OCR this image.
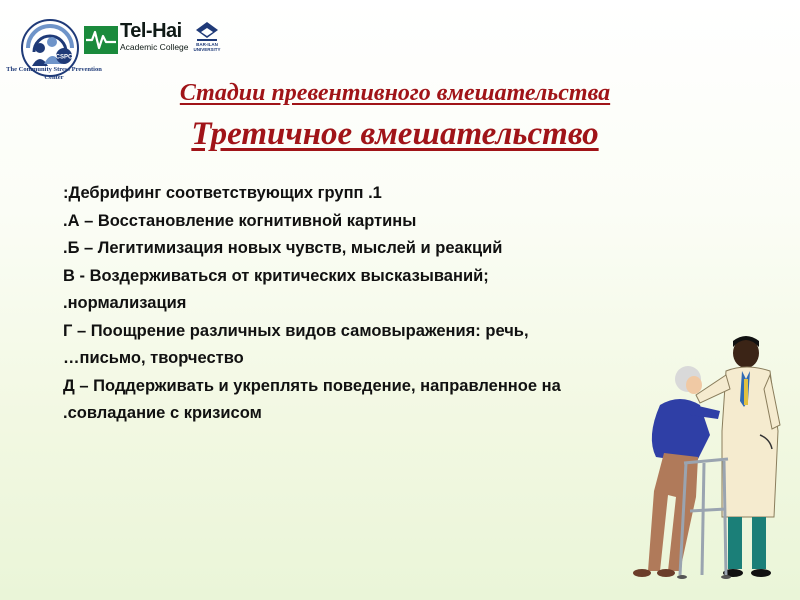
CSPC
The Community Stress Prevention Center
Tel-Hai
Academic College	BAR-ILAN UNIVERSITY
Стадии превентивного вмешательства
Третичное вмешательство
:Дебрифинг соответствующих групп .1
.А – Восстановление когнитивной картины
.Б – Легитимизация новых чувств, мыслей и реакций
В - Воздерживаться от критических высказываний;
.нормализация
Г – Поощрение различных видов самовыражения: речь,
…письмо, творчество
Д – Поддерживать и укреплять поведение, направленное на
.совладание с кризисом
